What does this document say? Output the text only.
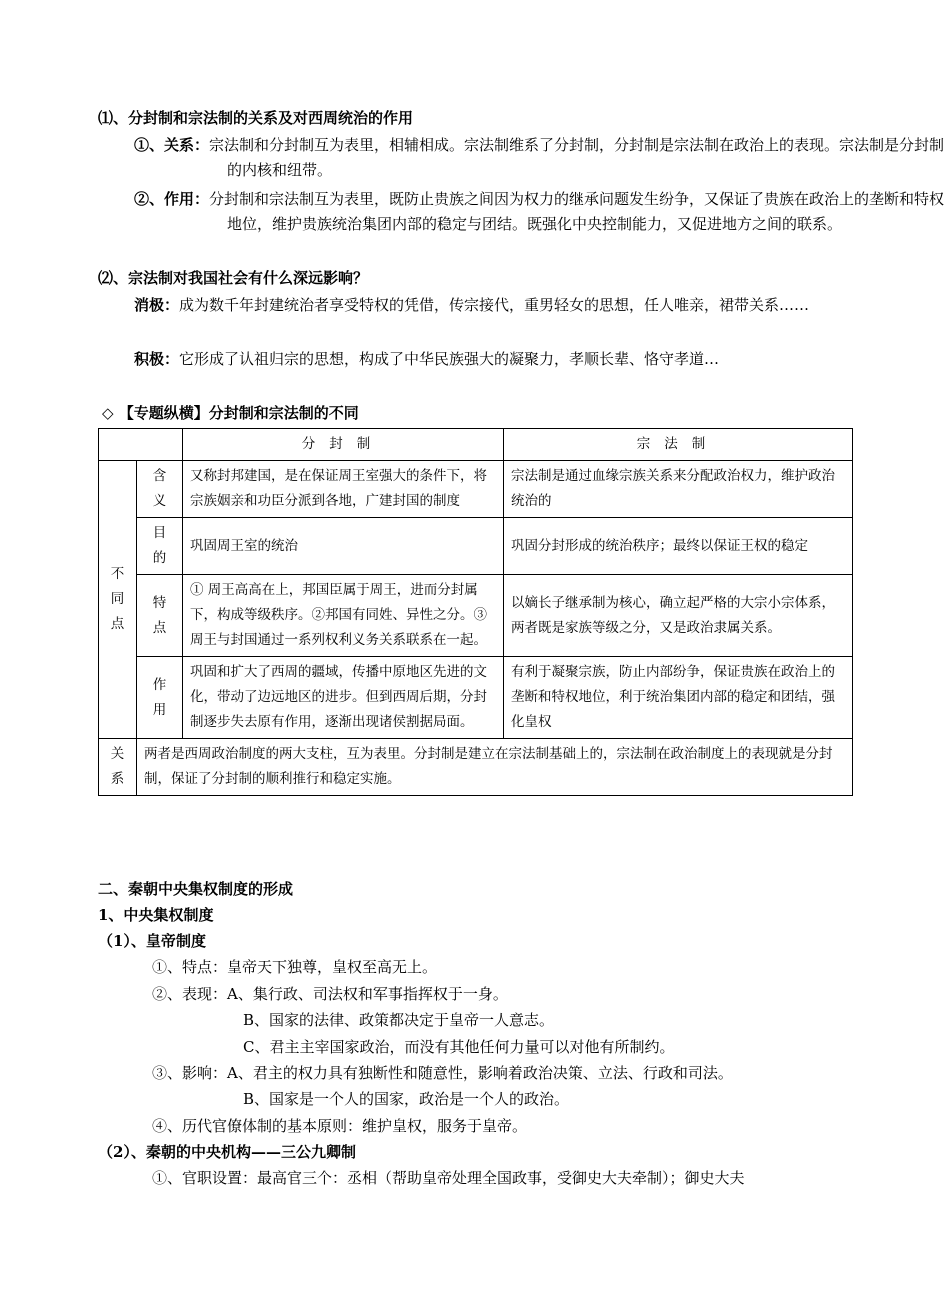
⑴、分封制和宗法制的关系及对西周统治的作用
①、关系：宗法制和分封制互为表里，相辅相成。宗法制维系了分封制，分封制是宗法制在政治上的表现。宗法制是分封制的内核和纽带。
②、作用：分封制和宗法制互为表里，既防止贵族之间因为权力的继承问题发生纷争，又保证了贵族在政治上的垄断和特权地位，维护贵族统治集团内部的稳定与团结。既强化中央控制能力，又促进地方之间的联系。
⑵、宗法制对我国社会有什么深远影响？
消极：成为数千年封建统治者享受特权的凭借，传宗接代，重男轻女的思想，任人唯亲，裙带关系……
积极：它形成了认祖归宗的思想，构成了中华民族强大的凝聚力，孝顺长辈、恪守孝道…
◇ 【专题纵横】分封制和宗法制的不同
		分封制	宗法制

不同点	含义	又称封邦建国，是在保证周王室强大的条件下，将宗族姻亲和功臣分派到各地，广建封国的制度	宗法制是通过血缘宗族关系来分配政治权力，维护政治统治的

	目的	巩固周王室的统治	巩固分封形成的统治秩序；最终以保证王权的稳定

	特点	① 周王高高在上，邦国臣属于周王，进而分封属下，构成等级秩序。②邦国有同姓、异性之分。③周王与封国通过一系列权利义务关系联系在一起。	以嫡长子继承制为核心，确立起严格的大宗小宗体系，两者既是家族等级之分，又是政治隶属关系。

	作用	巩固和扩大了西周的疆域，传播中原地区先进的文化，带动了边远地区的进步。但到西周后期，分封制逐步失去原有作用，逐渐出现诸侯割据局面。	有利于凝聚宗族，防止内部纷争，保证贵族在政治上的垄断和特权地位，利于统治集团内部的稳定和团结，强化皇权

关系	两者是西周政治制度的两大支柱，互为表里。分封制是建立在宗法制基础上的，宗法制在政治制度上的表现就是分封制，保证了分封制的顺利推行和稳定实施。		
二、秦朝中央集权制度的形成
1、中央集权制度
（1）、皇帝制度
①、特点：皇帝天下独尊，皇权至高无上。
②、表现：A、集行政、司法权和军事指挥权于一身。
B、国家的法律、政策都决定于皇帝一人意志。
C、君主主宰国家政治，而没有其他任何力量可以对他有所制约。
③、影响：A、君主的权力具有独断性和随意性，影响着政治决策、立法、行政和司法。
B、国家是一个人的国家，政治是一个人的政治。
④、历代官僚体制的基本原则：维护皇权，服务于皇帝。
（2）、秦朝的中央机构——三公九卿制
①、官职设置：最高官三个：丞相（帮助皇帝处理全国政事，受御史大夫牵制）；御史大夫
